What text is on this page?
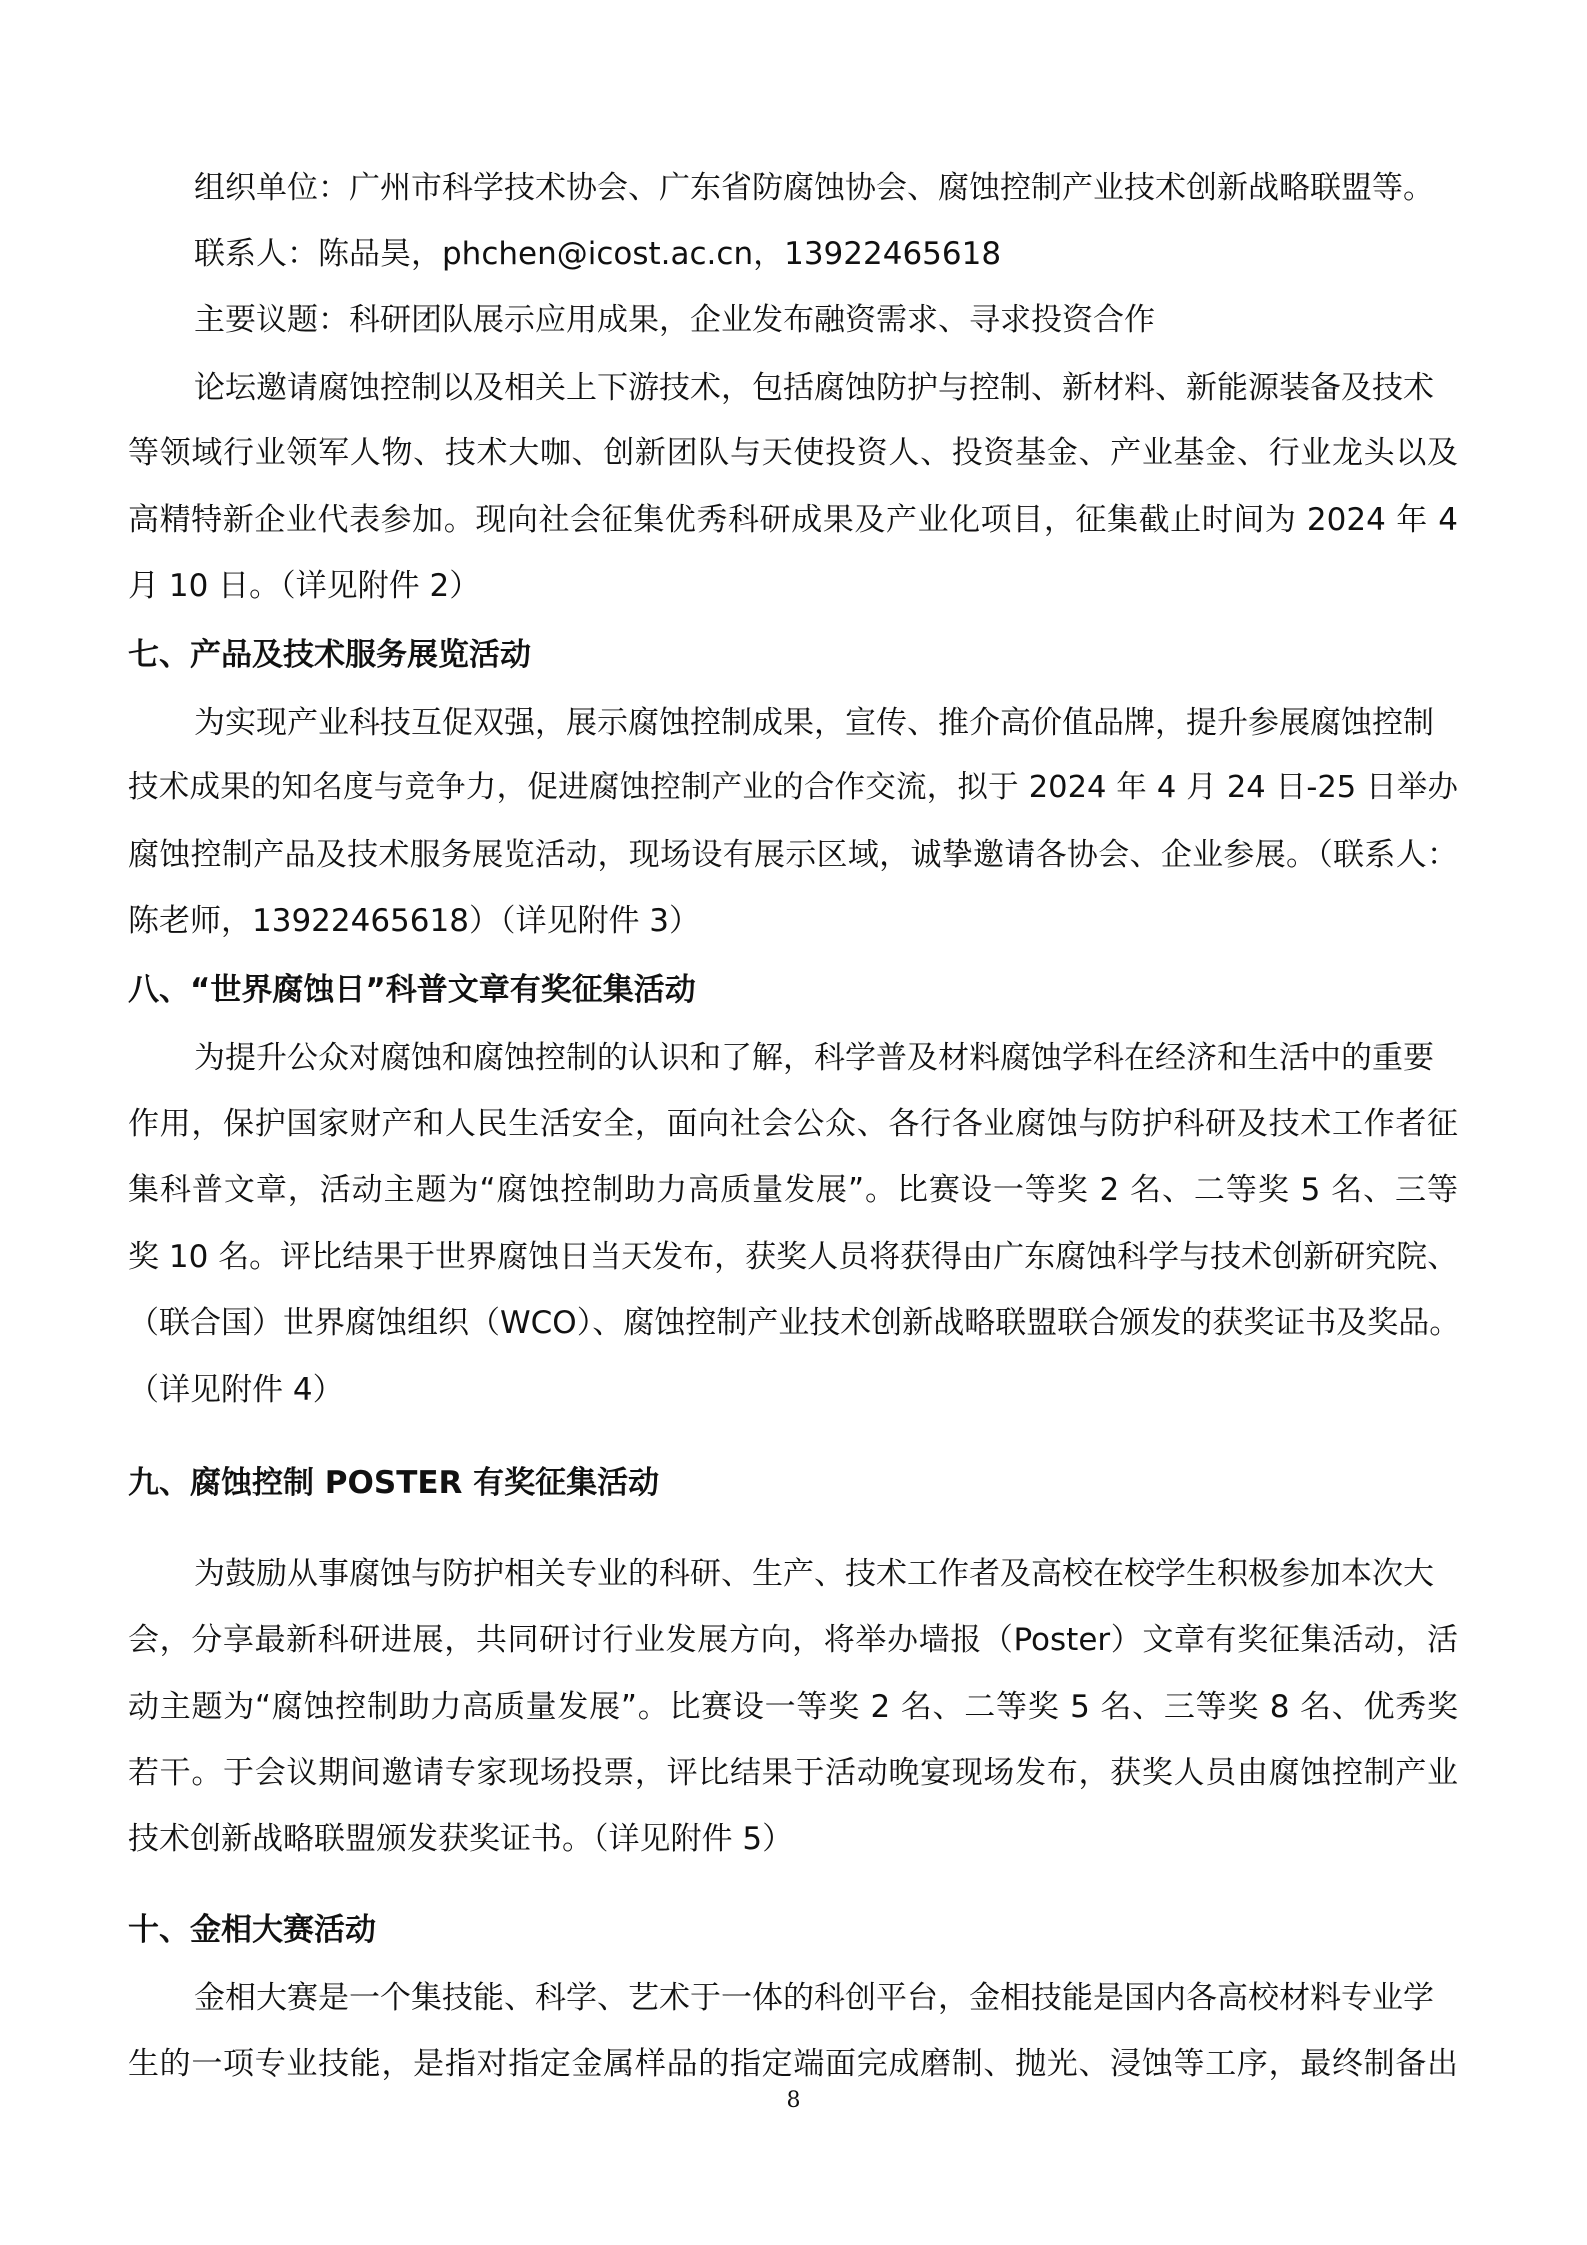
组织单位：广州市科学技术协会、广东省防腐蚀协会、腐蚀控制产业技术创新战略联盟等。
联系人：陈品昊，phchen@icost.ac.cn，13922465618
主要议题：科研团队展示应用成果，企业发布融资需求、寻求投资合作
论坛邀请腐蚀控制以及相关上下游技术，包括腐蚀防护与控制、新材料、新能源装备及技术
等领域行业领军人物、技术大咖、创新团队与天使投资人、投资基金、产业基金、行业龙头以及
高精特新企业代表参加。现向社会征集优秀科研成果及产业化项目，征集截止时间为 2024 年 4
月 10 日。（详见附件 2）
七、产品及技术服务展览活动
为实现产业科技互促双强，展示腐蚀控制成果，宣传、推介高价值品牌，提升参展腐蚀控制
技术成果的知名度与竞争力，促进腐蚀控制产业的合作交流，拟于 2024 年 4 月 24 日-25 日举办
腐蚀控制产品及技术服务展览活动，现场设有展示区域，诚挚邀请各协会、企业参展。（联系人：
陈老师，13922465618）（详见附件 3）
八、“世界腐蚀日”科普文章有奖征集活动
为提升公众对腐蚀和腐蚀控制的认识和了解，科学普及材料腐蚀学科在经济和生活中的重要
作用，保护国家财产和人民生活安全，面向社会公众、各行各业腐蚀与防护科研及技术工作者征
集科普文章，活动主题为“腐蚀控制助力高质量发展”。比赛设一等奖 2 名、二等奖 5 名、三等
奖 10 名。评比结果于世界腐蚀日当天发布，获奖人员将获得由广东腐蚀科学与技术创新研究院、
（联合国）世界腐蚀组织（WCO）、腐蚀控制产业技术创新战略联盟联合颁发的获奖证书及奖品。
（详见附件 4）
九、腐蚀控制 POSTER 有奖征集活动
为鼓励从事腐蚀与防护相关专业的科研、生产、技术工作者及高校在校学生积极参加本次大
会，分享最新科研进展，共同研讨行业发展方向，将举办墙报（Poster）文章有奖征集活动，活
动主题为“腐蚀控制助力高质量发展”。比赛设一等奖 2 名、二等奖 5 名、三等奖 8 名、优秀奖
若干。于会议期间邀请专家现场投票，评比结果于活动晚宴现场发布，获奖人员由腐蚀控制产业
技术创新战略联盟颁发获奖证书。（详见附件 5）
十、金相大赛活动
金相大赛是一个集技能、科学、艺术于一体的科创平台，金相技能是国内各高校材料专业学
生的一项专业技能，是指对指定金属样品的指定端面完成磨制、抛光、浸蚀等工序，最终制备出
8
